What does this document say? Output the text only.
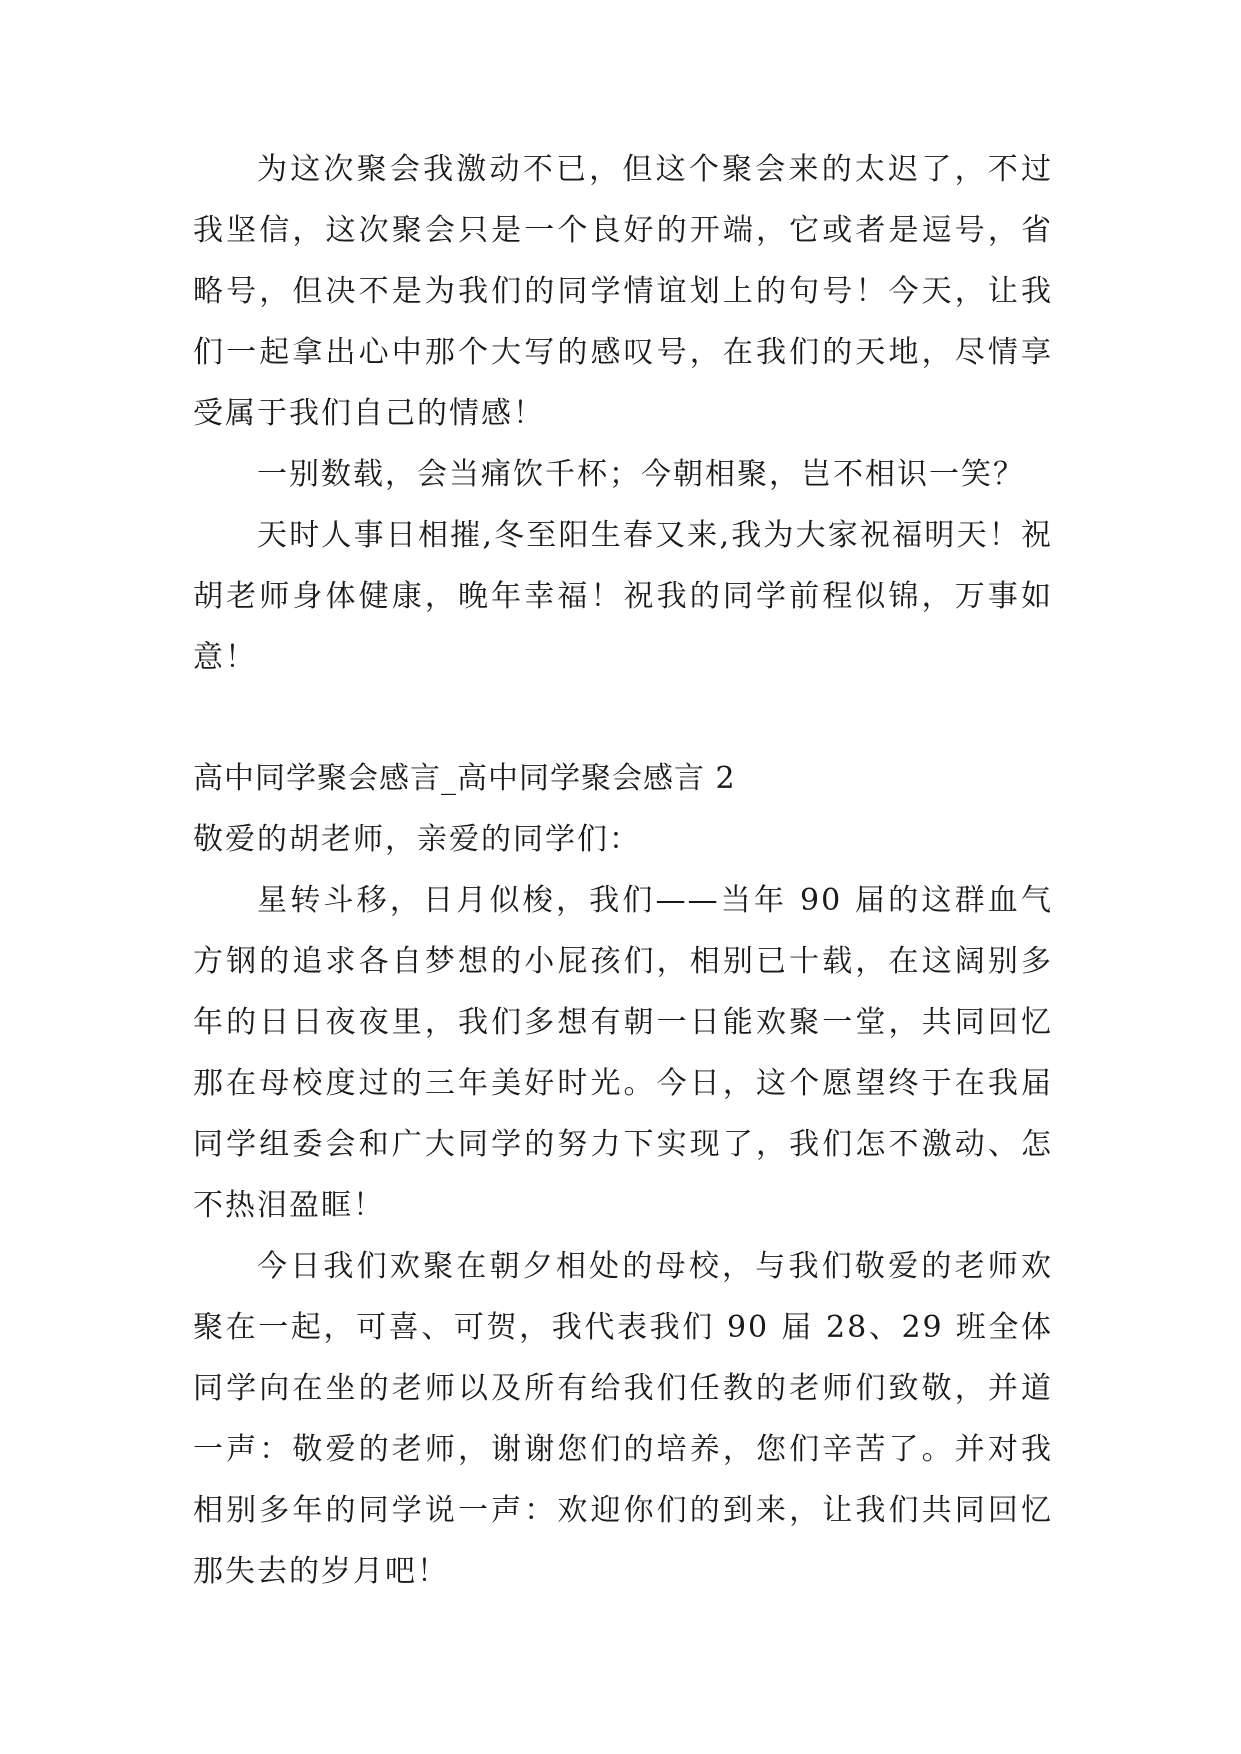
为这次聚会我激动不已，但这个聚会来的太迟了，不过我坚信，这次聚会只是一个良好的开端，它或者是逗号，省略号，但决不是为我们的同学情谊划上的句号！今天，让我们一起拿出心中那个大写的感叹号，在我们的天地，尽情享受属于我们自己的情感！

一别数载，会当痛饮千杯；今朝相聚，岂不相识一笑？

天时人事日相摧,冬至阳生春又来,我为大家祝福明天！祝胡老师身体健康，晚年幸福！祝我的同学前程似锦，万事如意！

高中同学聚会感言_高中同学聚会感言 2

敬爱的胡老师，亲爱的同学们：

星转斗移，日月似梭，我们——当年 90 届的这群血气方钢的追求各自梦想的小屁孩们，相别已十载，在这阔别多年的日日夜夜里，我们多想有朝一日能欢聚一堂，共同回忆那在母校度过的三年美好时光。今日，这个愿望终于在我届同学组委会和广大同学的努力下实现了，我们怎不激动、怎不热泪盈眶！

今日我们欢聚在朝夕相处的母校，与我们敬爱的老师欢聚在一起，可喜、可贺，我代表我们 90 届 28、29 班全体同学向在坐的老师以及所有给我们任教的老师们致敬，并道一声：敬爱的老师，谢谢您们的培养，您们辛苦了。并对我相别多年的同学说一声：欢迎你们的到来，让我们共同回忆那失去的岁月吧！
